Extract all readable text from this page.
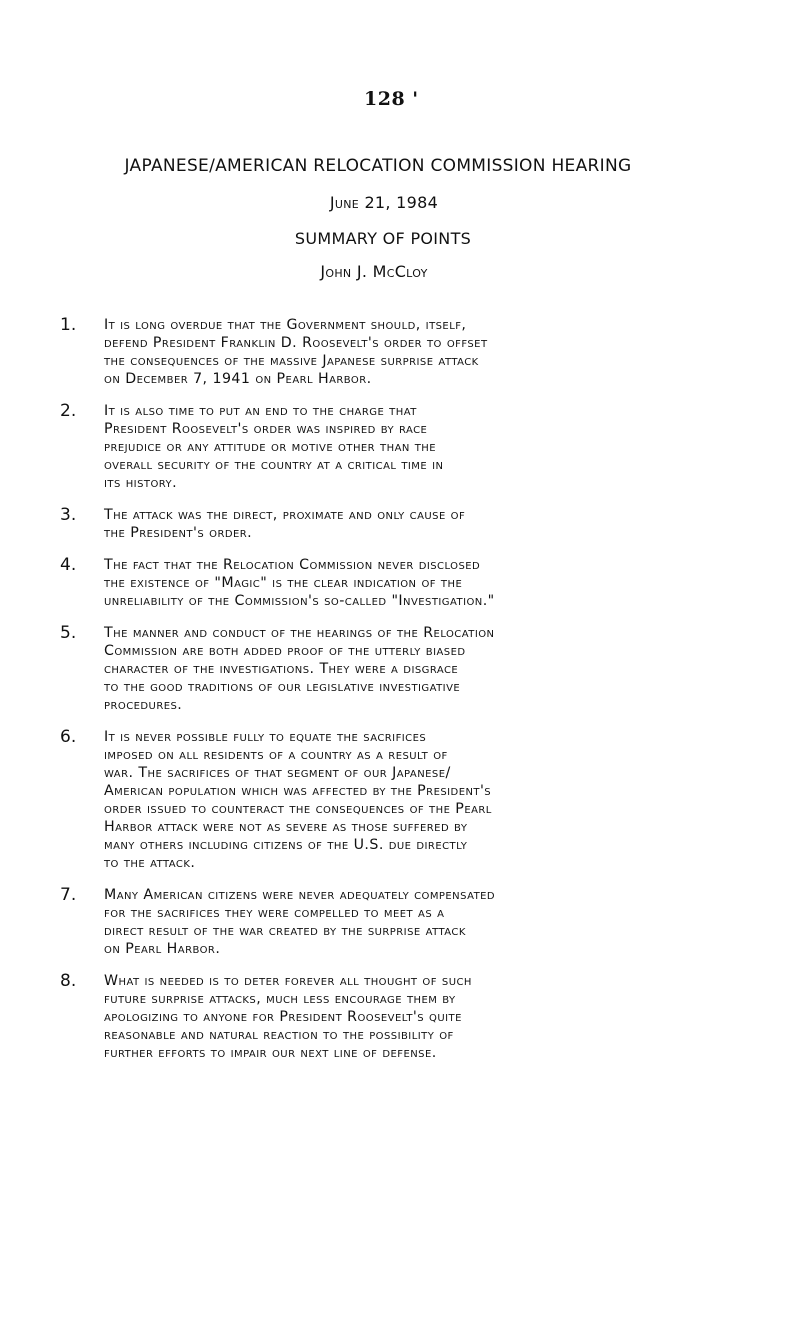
128 '
JAPANESE/AMERICAN RELOCATION COMMISSION HEARING
June 21, 1984
SUMMARY OF POINTS
John J. McCloy
1. It is long overdue that the Government should, itself,
defend President Franklin D. Roosevelt's order to offset
the consequences of the massive Japanese surprise attack
on December 7, 1941 on Pearl Harbor.
2. It is also time to put an end to the charge that
President Roosevelt's order was inspired by race
prejudice or any attitude or motive other than the
overall security of the country at a critical time in
its history.
3. The attack was the direct, proximate and only cause of
the President's order.
4. The fact that the Relocation Commission never disclosed
the existence of "Magic" is the clear indication of the
unreliability of the Commission's so-called "Investigation."
5. The manner and conduct of the hearings of the Relocation
Commission are both added proof of the utterly biased
character of the investigations. They were a disgrace
to the good traditions of our legislative investigative
procedures.
6. It is never possible fully to equate the sacrifices
imposed on all residents of a country as a result of
war. The sacrifices of that segment of our Japanese/
American population which was affected by the President's
order issued to counteract the consequences of the Pearl
Harbor attack were not as severe as those suffered by
many others including citizens of the U.S. due directly
to the attack.
7. Many American citizens were never adequately compensated
for the sacrifices they were compelled to meet as a
direct result of the war created by the surprise attack
on Pearl Harbor.
8. What is needed is to deter forever all thought of such
future surprise attacks, much less encourage them by
apologizing to anyone for President Roosevelt's quite
reasonable and natural reaction to the possibility of
further efforts to impair our next line of defense.
